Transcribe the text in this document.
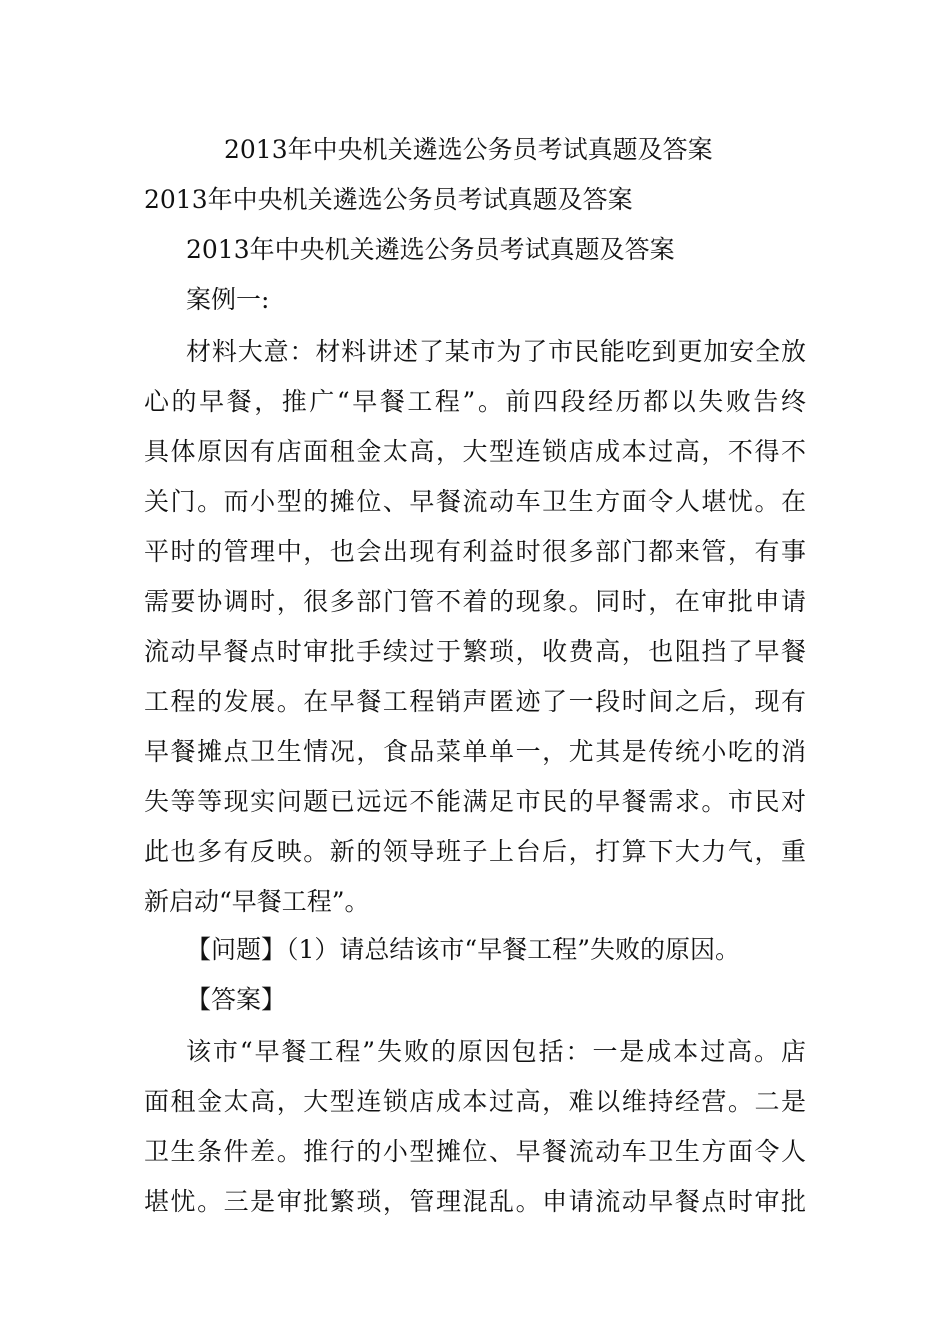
2013年中央机关遴选公务员考试真题及答案
2013年中央机关遴选公务员考试真题及答案
2013年中央机关遴选公务员考试真题及答案
案例一:
材料大意：材料讲述了某市为了市民能吃到更加安全放
心的早餐，推广“早餐工程”。前四段经历都以失败告终
具体原因有店面租金太高，大型连锁店成本过高，不得不
关门。而小型的摊位、早餐流动车卫生方面令人堪忧。在
平时的管理中，也会出现有利益时很多部门都来管，有事
需要协调时，很多部门管不着的现象。同时，在审批申请
流动早餐点时审批手续过于繁琐，收费高，也阻挡了早餐
工程的发展。在早餐工程销声匿迹了一段时间之后，现有
早餐摊点卫生情况，食品菜单单一，尤其是传统小吃的消
失等等现实问题已远远不能满足市民的早餐需求。市民对
此也多有反映。新的领导班子上台后，打算下大力气，重
新启动“早餐工程”。
【问题】（1）请总结该市“早餐工程”失败的原因。
【答案】
该市“早餐工程”失败的原因包括：一是成本过高。店
面租金太高，大型连锁店成本过高，难以维持经营。二是
卫生条件差。推行的小型摊位、早餐流动车卫生方面令人
堪忧。三是审批繁琐，管理混乱。申请流动早餐点时审批
